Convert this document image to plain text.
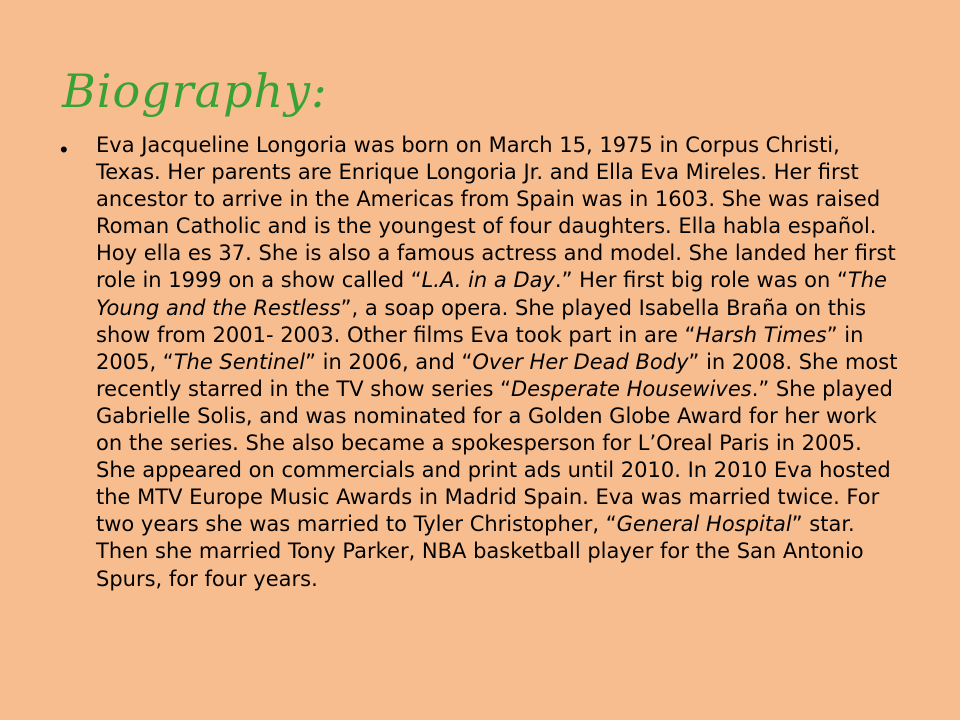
Biography:
• Eva Jacqueline Longoria was born on March 15, 1975 in Corpus Christi, Texas. Her parents are Enrique Longoria Jr. and Ella Eva Mireles. Her first ancestor to arrive in the Americas from Spain was in 1603. She was raised Roman Catholic and is the youngest of four daughters. Ella habla español. Hoy ella es 37. She is also a famous actress and model. She landed her first role in 1999 on a show called “L.A. in a Day.” Her first big role was on “The Young and the Restless”, a soap opera. She played Isabella Braña on this show from 2001- 2003. Other films Eva took part in are “Harsh Times” in 2005, “The Sentinel” in 2006, and “Over Her Dead Body” in 2008. She most recently starred in the TV show series “Desperate Housewives.” She played Gabrielle Solis, and was nominated for a Golden Globe Award for her work on the series. She also became a spokesperson for L’Oreal Paris in 2005. She appeared on commercials and print ads until 2010. In 2010 Eva hosted the MTV Europe Music Awards in Madrid Spain. Eva was married twice. For two years she was married to Tyler Christopher, “General Hospital” star. Then she married Tony Parker, NBA basketball player for the San Antonio Spurs, for four years.
